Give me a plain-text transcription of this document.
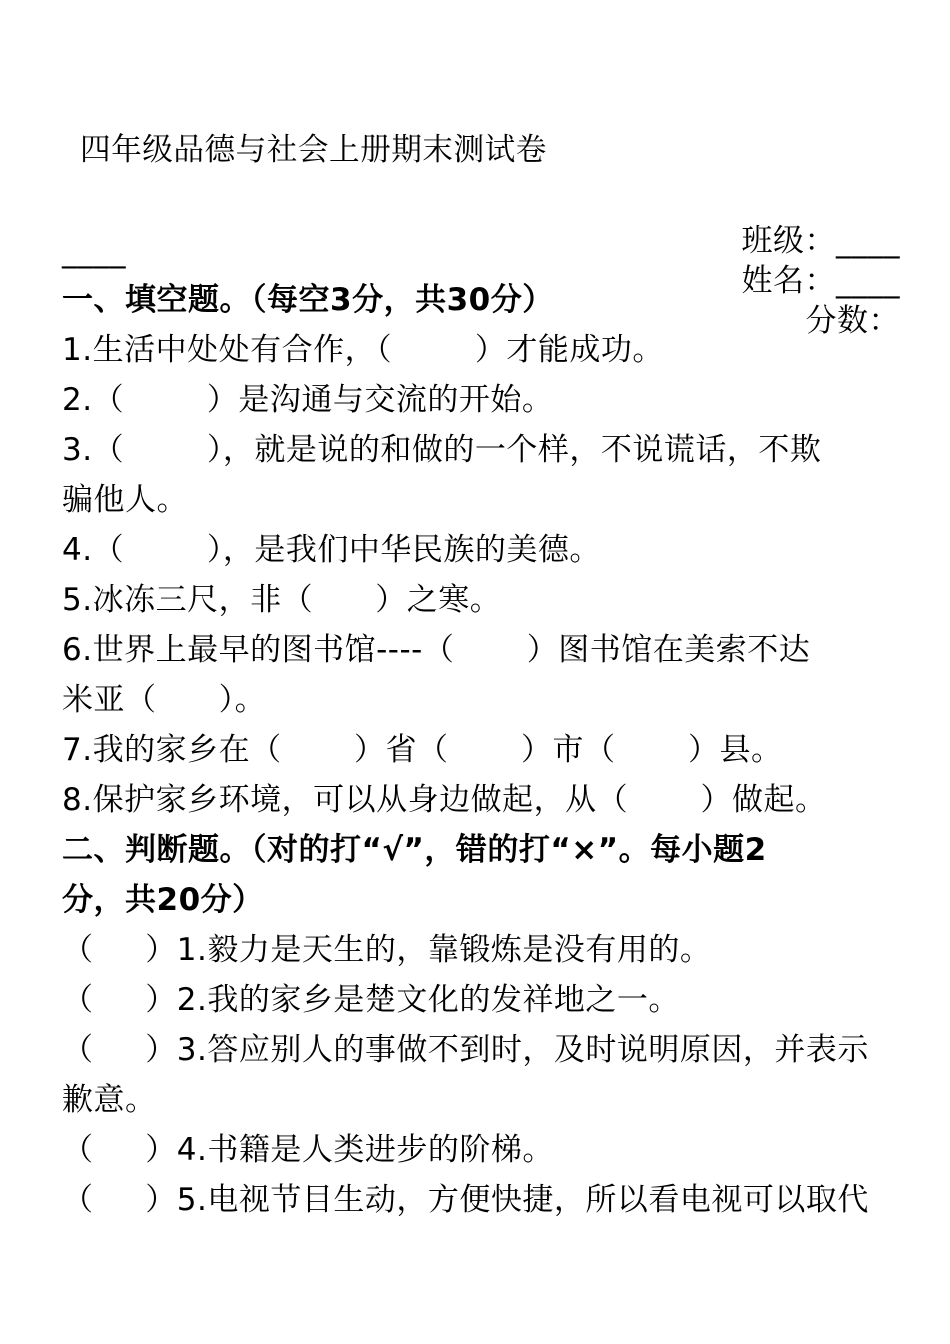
四年级品德与社会上册期末测试卷

班级：____
姓名：____
分数：

____
一、填空题。（每空3分，共30分）
1.生活中处处有合作，（        ）才能成功。
2.（        ）是沟通与交流的开始。
3.（        ），就是说的和做的一个样，不说谎话，不欺
骗他人。
4.（        ），是我们中华民族的美德。
5.冰冻三尺，非（      ）之寒。
6.世界上最早的图书馆----（       ）图书馆在美索不达
米亚（      ）。
7.我的家乡在（       ）省（       ）市（       ）县。
8.保护家乡环境，可以从身边做起，从（       ）做起。
二、判断题。（对的打“√”，错的打“×”。每小题2
分，共20分）
（     ）1.毅力是天生的，靠锻炼是没有用的。
（     ）2.我的家乡是楚文化的发祥地之一。
（     ）3.答应别人的事做不到时，及时说明原因，并表示
歉意。
（     ）4.书籍是人类进步的阶梯。
（     ）5.电视节目生动，方便快捷，所以看电视可以取代
